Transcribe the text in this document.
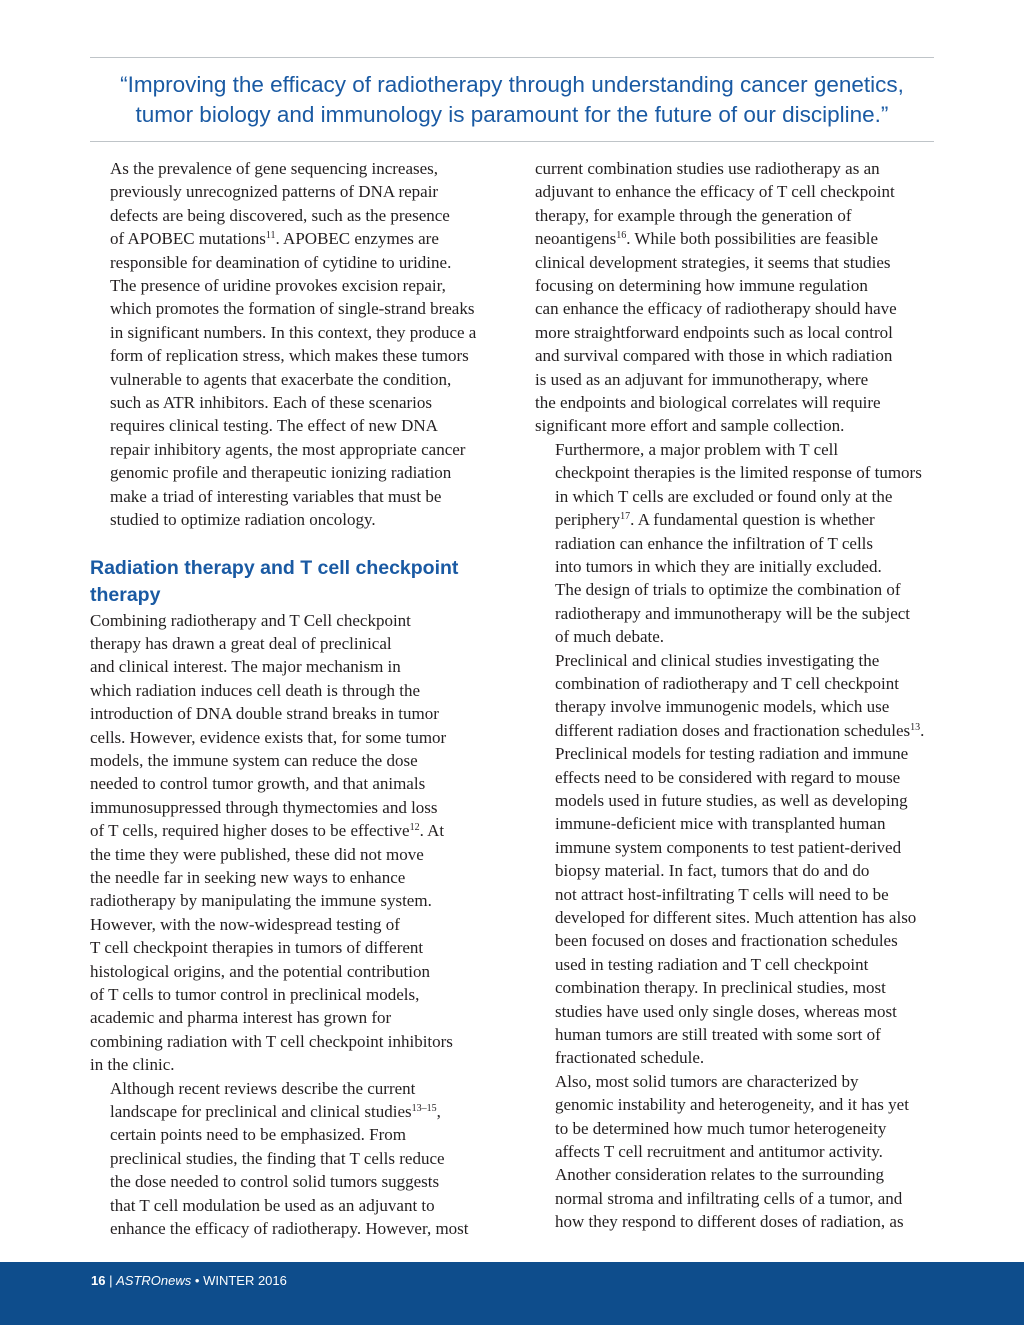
“Improving the efficacy of radiotherapy through understanding cancer genetics,
tumor biology and immunology is paramount for the future of our discipline.”

As the prevalence of gene sequencing increases,
previously unrecognized patterns of DNA repair
defects are being discovered, such as the presence
of APOBEC mutations$^{11}$. APOBEC enzymes are
responsible for deamination of cytidine to uridine.
The presence of uridine provokes excision repair,
which promotes the formation of single-strand breaks
in significant numbers. In this context, they produce a
form of replication stress, which makes these tumors
vulnerable to agents that exacerbate the condition,
such as ATR inhibitors. Each of these scenarios
requires clinical testing. The effect of new DNA
repair inhibitory agents, the most appropriate cancer
genomic profile and therapeutic ionizing radiation
make a triad of interesting variables that must be
studied to optimize radiation oncology.

Radiation therapy and T cell checkpoint
therapy

Combining radiotherapy and T Cell checkpoint
therapy has drawn a great deal of preclinical
and clinical interest. The major mechanism in
which radiation induces cell death is through the
introduction of DNA double strand breaks in tumor
cells. However, evidence exists that, for some tumor
models, the immune system can reduce the dose
needed to control tumor growth, and that animals
immunosuppressed through thymectomies and loss
of T cells, required higher doses to be effective$^{12}$. At
the time they were published, these did not move
the needle far in seeking new ways to enhance
radiotherapy by manipulating the immune system.
However, with the now-widespread testing of
T cell checkpoint therapies in tumors of different
histological origins, and the potential contribution
of T cells to tumor control in preclinical models,
academic and pharma interest has grown for
combining radiation with T cell checkpoint inhibitors
in the clinic.

Although recent reviews describe the current
landscape for preclinical and clinical studies$^{13-15}$,
certain points need to be emphasized. From
preclinical studies, the finding that T cells reduce
the dose needed to control solid tumors suggests
that T cell modulation be used as an adjuvant to
enhance the efficacy of radiotherapy. However, most

current combination studies use radiotherapy as an
adjuvant to enhance the efficacy of T cell checkpoint
therapy, for example through the generation of
neoantigens$^{16}$. While both possibilities are feasible
clinical development strategies, it seems that studies
focusing on determining how immune regulation
can enhance the efficacy of radiotherapy should have
more straightforward endpoints such as local control
and survival compared with those in which radiation
is used as an adjuvant for immunotherapy, where
the endpoints and biological correlates will require
significant more effort and sample collection.

Furthermore, a major problem with T cell
checkpoint therapies is the limited response of tumors
in which T cells are excluded or found only at the
periphery$^{17}$. A fundamental question is whether
radiation can enhance the infiltration of T cells
into tumors in which they are initially excluded.
The design of trials to optimize the combination of
radiotherapy and immunotherapy will be the subject
of much debate.

Preclinical and clinical studies investigating the
combination of radiotherapy and T cell checkpoint
therapy involve immunogenic models, which use
different radiation doses and fractionation schedules$^{13}$.
Preclinical models for testing radiation and immune
effects need to be considered with regard to mouse
models used in future studies, as well as developing
immune-deficient mice with transplanted human
immune system components to test patient-derived
biopsy material. In fact, tumors that do and do
not attract host-infiltrating T cells will need to be
developed for different sites. Much attention has also
been focused on doses and fractionation schedules
used in testing radiation and T cell checkpoint
combination therapy. In preclinical studies, most
studies have used only single doses, whereas most
human tumors are still treated with some sort of
fractionated schedule.

Also, most solid tumors are characterized by
genomic instability and heterogeneity, and it has yet
to be determined how much tumor heterogeneity
affects T cell recruitment and antitumor activity.
Another consideration relates to the surrounding
normal stroma and infiltrating cells of a tumor, and
how they respond to different doses of radiation, as

16 | ASTROnews • WINTER 2016
